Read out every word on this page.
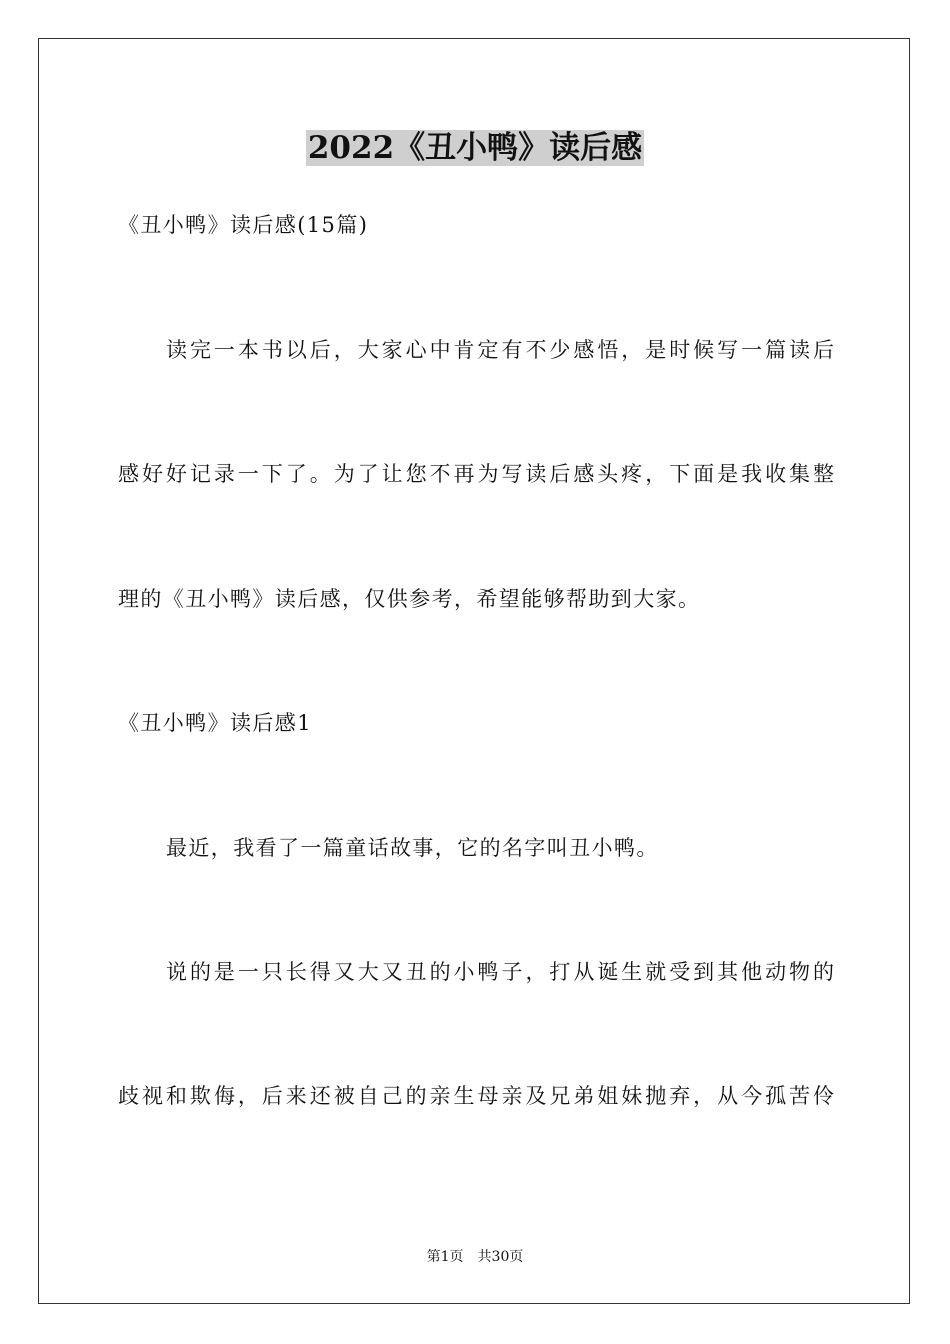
2022《丑小鸭》读后感
《丑小鸭》读后感(15篇)
读完一本书以后，大家心中肯定有不少感悟，是时候写一篇读后
感好好记录一下了。为了让您不再为写读后感头疼，下面是我收集整
理的《丑小鸭》读后感，仅供参考，希望能够帮助到大家。
《丑小鸭》读后感1
最近，我看了一篇童话故事，它的名字叫丑小鸭。
说的是一只长得又大又丑的小鸭子，打从诞生就受到其他动物的
歧视和欺侮，后来还被自己的亲生母亲及兄弟姐妹抛弃，从今孤苦伶
第1页 共30页
